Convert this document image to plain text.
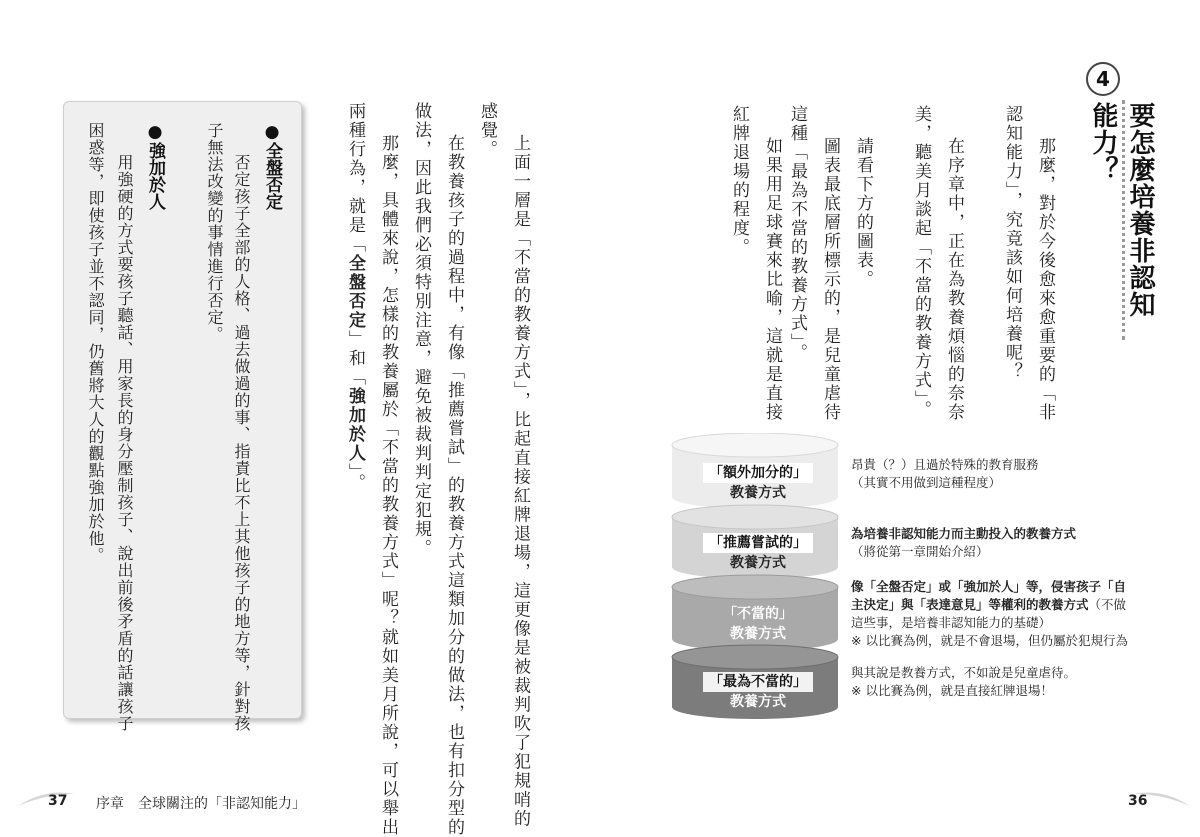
4
要怎麼培養非認知能力？
那麼，對於今後愈來愈重要的「非
認知能力」，究竟該如何培養呢？
在序章中，正在為教養煩惱的奈奈
美，聽美月談起「不當的教養方式」。
請看下方的圖表。
圖表最底層所標示的，是兒童虐待
這種「最為不當的教養方式」。
如果用足球賽來比喻，這就是直接
紅牌退場的程度。
「額外加分的」
教養方式
「推薦嘗試的」
教養方式
「不當的」
教養方式
「最為不當的」
教養方式
昂貴（？）且過於特殊的教育服務
（其實不用做到這種程度）
為培養非認知能力而主動投入的教養方式
（將從第一章開始介紹）
像「全盤否定」或「強加於人」等，侵害孩子「自
主決定」與「表達意見」等權利的教養方式（不做
這些事，是培養非認知能力的基礎）
※ 以比賽為例，就是不會退場，但仍屬於犯規行為
與其說是教養方式，不如說是兒童虐待。
※ 以比賽為例，就是直接紅牌退場！
上面一層是「不當的教養方式」，比起直接紅牌退場，這更像是被裁判吹了犯規哨的
感覺。
在教養孩子的過程中，有像「推薦嘗試」的教養方式這類加分的做法，也有扣分型的
做法，因此我們必須特別注意，避免被裁判判定犯規。
那麼，具體來說，怎樣的教養屬於「不當的教養方式」呢？就如美月所說，可以舉出
兩種行為，就是「全盤否定」和「強加於人」。
●全盤否定
否定孩子全部的人格、過去做過的事、指責比不上其他孩子的地方等，針對孩
子無法改變的事情進行否定。
●強加於人
用強硬的方式要孩子聽話、用家長的身分壓制孩子、說出前後矛盾的話讓孩子
困惑等，即使孩子並不認同，仍舊將大人的觀點強加於他。
37 序章　全球關注的「非認知能力」	36
